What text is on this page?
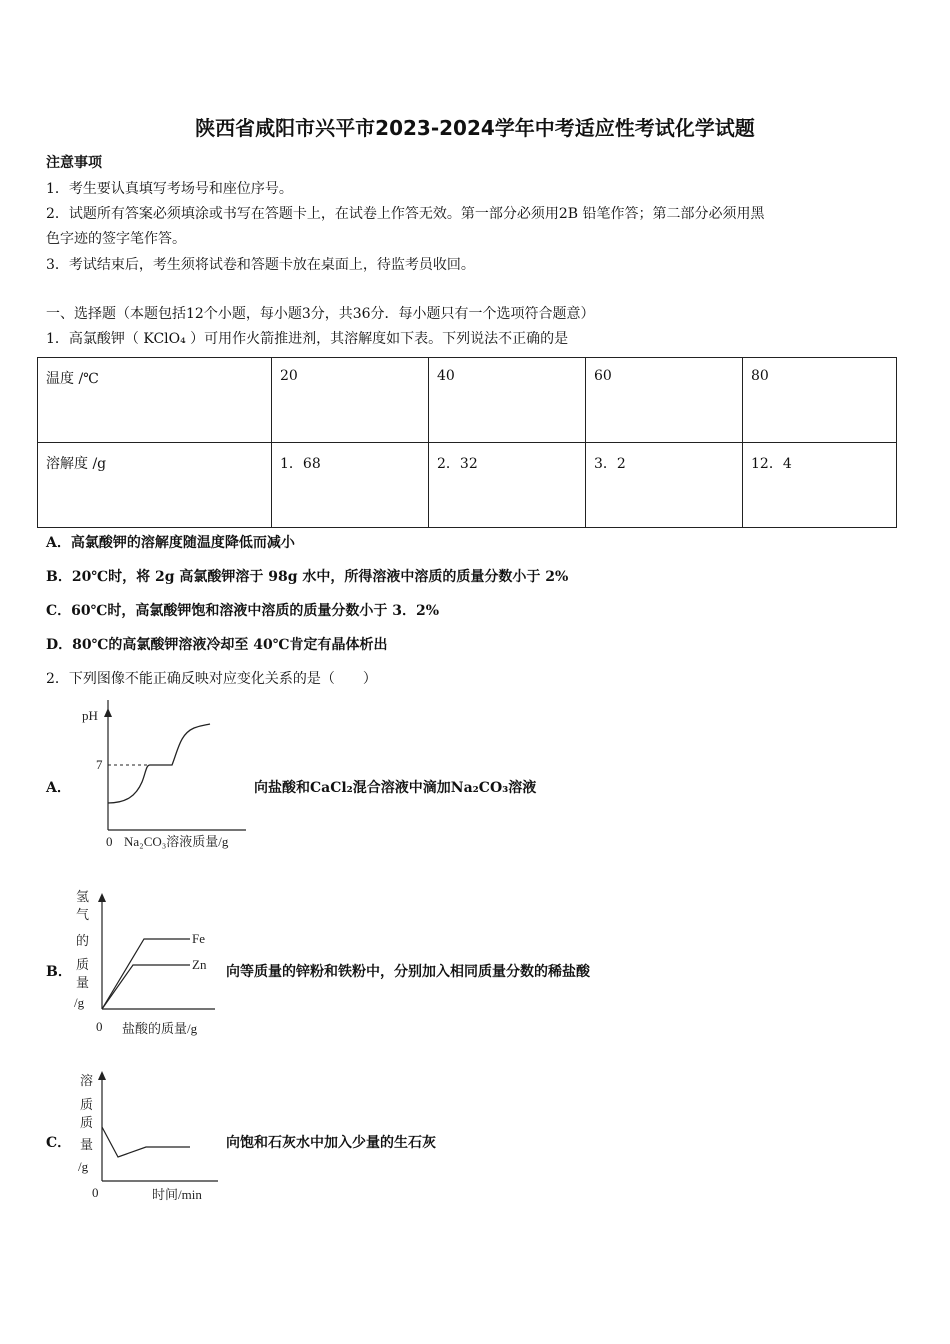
陕西省咸阳市兴平市2023-2024学年中考适应性考试化学试题
注意事项
1．考生要认真填写考场号和座位序号。
2．试题所有答案必须填涂或书写在答题卡上，在试卷上作答无效。第一部分必须用2B 铅笔作答；第二部分必须用黑
色字迹的签字笔作答。
3．考试结束后，考生须将试卷和答题卡放在桌面上，待监考员收回。
一、选择题（本题包括12个小题，每小题3分，共36分．每小题只有一个选项符合题意）
1．高氯酸钾（ KClO₄ ）可用作火箭推进剂，其溶解度如下表。下列说法不正确的是
温度 /℃	20	40	60	80
溶解度 /g	1．68	2．32	3．2	12．4
A．高氯酸钾的溶解度随温度降低而减小
B．20℃时，将 2g 高氯酸钾溶于 98g 水中，所得溶液中溶质的质量分数小于 2%
C．60℃时，高氯酸钾饱和溶液中溶质的质量分数小于 3．2%
D．80℃的高氯酸钾溶液冷却至 40℃肯定有晶体析出
2．下列图像不能正确反映对应变化关系的是（　　）
A．
pH
7
0 Na₂CO₃溶液质量/g
向盐酸和CaCl₂混合溶液中滴加Na₂CO₃溶液
B．
氢
气
的
质
量
/g
Fe
Zn
0 盐酸的质量/g
向等质量的锌粉和铁粉中，分别加入相同质量分数的稀盐酸
C．
溶
质
质
量
/g
0	时间/min
向饱和石灰水中加入少量的生石灰
